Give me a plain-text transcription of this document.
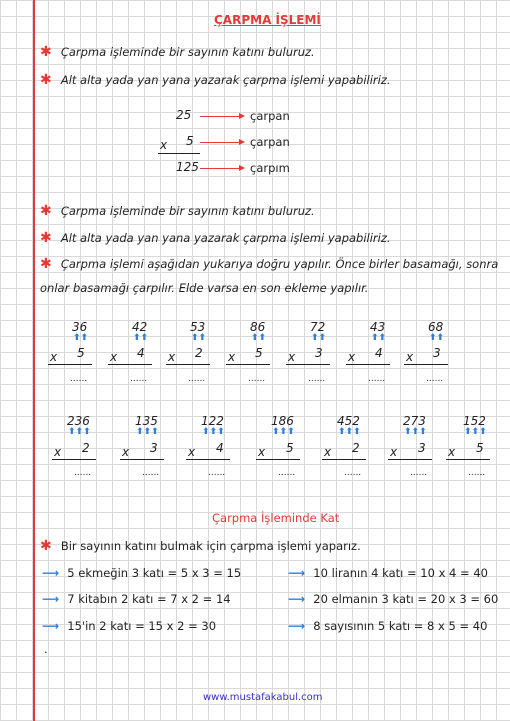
ÇARPMA İŞLEMİ
✱ Çarpma işleminde bir sayının katını buluruz.
✱ Alt alta yada yan yana yazarak çarpma işlemi yapabiliriz.
25
x 5
125
çarpan
çarpan
çarpım
✱ Çarpma işleminde bir sayının katını buluruz.
✱ Alt alta yada yan yana yazarak çarpma işlemi yapabiliriz.
✱ Çarpma işlemi aşağıdan yukarıya doğru yapılır. Önce birler basamağı, sonra
onlar basamağı çarpılır. Elde varsa en son ekleme yapılır.
36
⬆⬆
x 5
......
42
⬆⬆
x 4
......
53
⬆⬆
x 2
......
86
⬆⬆
x 5
......
72
⬆⬆
x 3
......
43
⬆⬆
x 4
......
68
⬆⬆
x 3
......
236
⬆⬆⬆
x 2
......
135
⬆⬆⬆
x 3
......
122
⬆⬆⬆
x 4
......
186
⬆⬆⬆
x 5
......
452
⬆⬆⬆
x 2
......
273
⬆⬆⬆
x 3
......
152
⬆⬆⬆
x 5
......
Çarpma İşleminde Kat
✱ Bir sayının katını bulmak için çarpma işlemi yaparız.
⟶ 5 ekmeğin 3 katı = 5 x 3 = 15
⟶ 7 kitabın 2 katı = 7 x 2 = 14
⟶ 15'in 2 katı = 15 x 2 = 30
⟶ 10 liranın 4 katı = 10 x 4 = 40
⟶ 20 elmanın 3 katı = 20 x 3 = 60
⟶ 8 sayısının 5 katı = 8 x 5 = 40
.
www.mustafakabul.com
